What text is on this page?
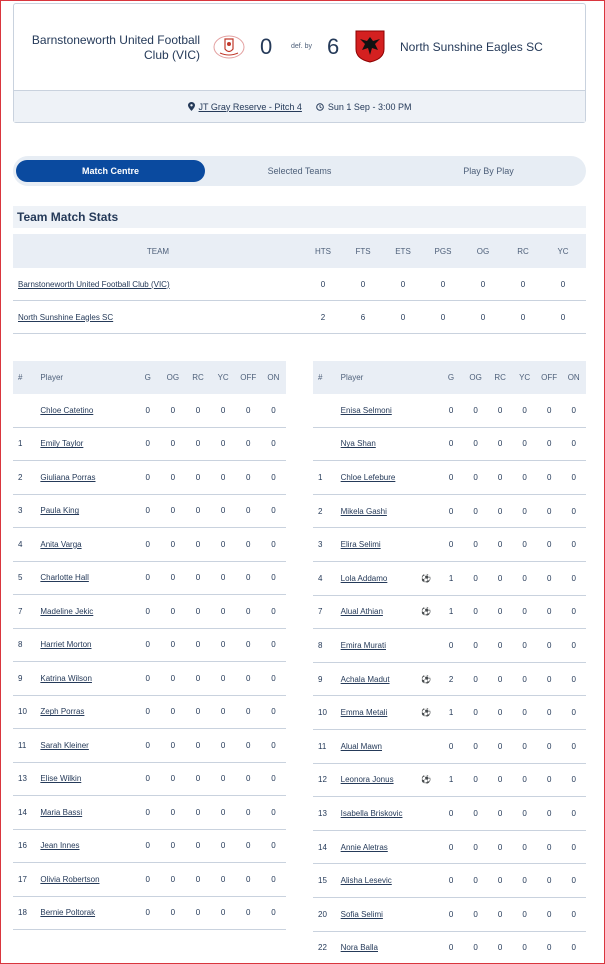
Barnstoneworth United Football Club (VIC)	0	def. by 6	North Sunshine Eagles SC
JT Gray Reserve - Pitch 4	Sun 1 Sep - 3:00 PM
Match Centre	Selected Teams	Play By Play
Team Match Stats
TEAM	HTS	FTS	ETS	PGS	OG	RC	YC
Barnstoneworth United Football Club (VIC)	0	0	0	0	0	0	0
North Sunshine Eagles SC	2	6	0	0	0	0	0
#	Player	G	OG	RC	YC	OFF	ON
Chloe Catetino	0	0	0	0	0	0
1	Emily Taylor	0	0	0	0	0	0
2	Giuliana Porras	0	0	0	0	0	0
3	Paula King	0	0	0	0	0	0
4	Anita Varga	0	0	0	0	0	0
5	Charlotte Hall	0	0	0	0	0	0
7	Madeline Jekic	0	0	0	0	0	0
8	Harriet Morton	0	0	0	0	0	0
9	Katrina Wilson	0	0	0	0	0	0
10	Zeph Porras	0	0	0	0	0	0
11	Sarah Kleiner	0	0	0	0	0	0
13	Elise Wilkin	0	0	0	0	0	0
14	Maria Bassi	0	0	0	0	0	0
16	Jean Innes	0	0	0	0	0	0
17	Olivia Robertson	0	0	0	0	0	0
18	Bernie Poltorak	0	0	0	0	0	0
#	Player	G	OG	RC	YC	OFF	ON
Enisa Selmoni	0	0	0	0	0	0
Nya Shan	0	0	0	0	0	0
1	Chloe Lefebure	0	0	0	0	0	0
2	Mikela Gashi	0	0	0	0	0	0
3	Elira Selimi	0	0	0	0	0	0
4	Lola Addamo	⚽	1	0	0	0	0	0
7	Alual Athian	⚽	1	0	0	0	0	0
8	Emira Murati	0	0	0	0	0	0
9	Achala Madut	⚽	2	0	0	0	0	0
10	Emma Metali	⚽	1	0	0	0	0	0
11	Alual Mawn	0	0	0	0	0	0
12	Leonora Jonus	⚽	1	0	0	0	0	0
13	Isabella Briskovic	0	0	0	0	0	0
14	Annie Aletras	0	0	0	0	0	0
15	Alisha Lesevic	0	0	0	0	0	0
20	Sofia Selimi	0	0	0	0	0	0
22	Nora Balla	0	0	0	0	0	0
